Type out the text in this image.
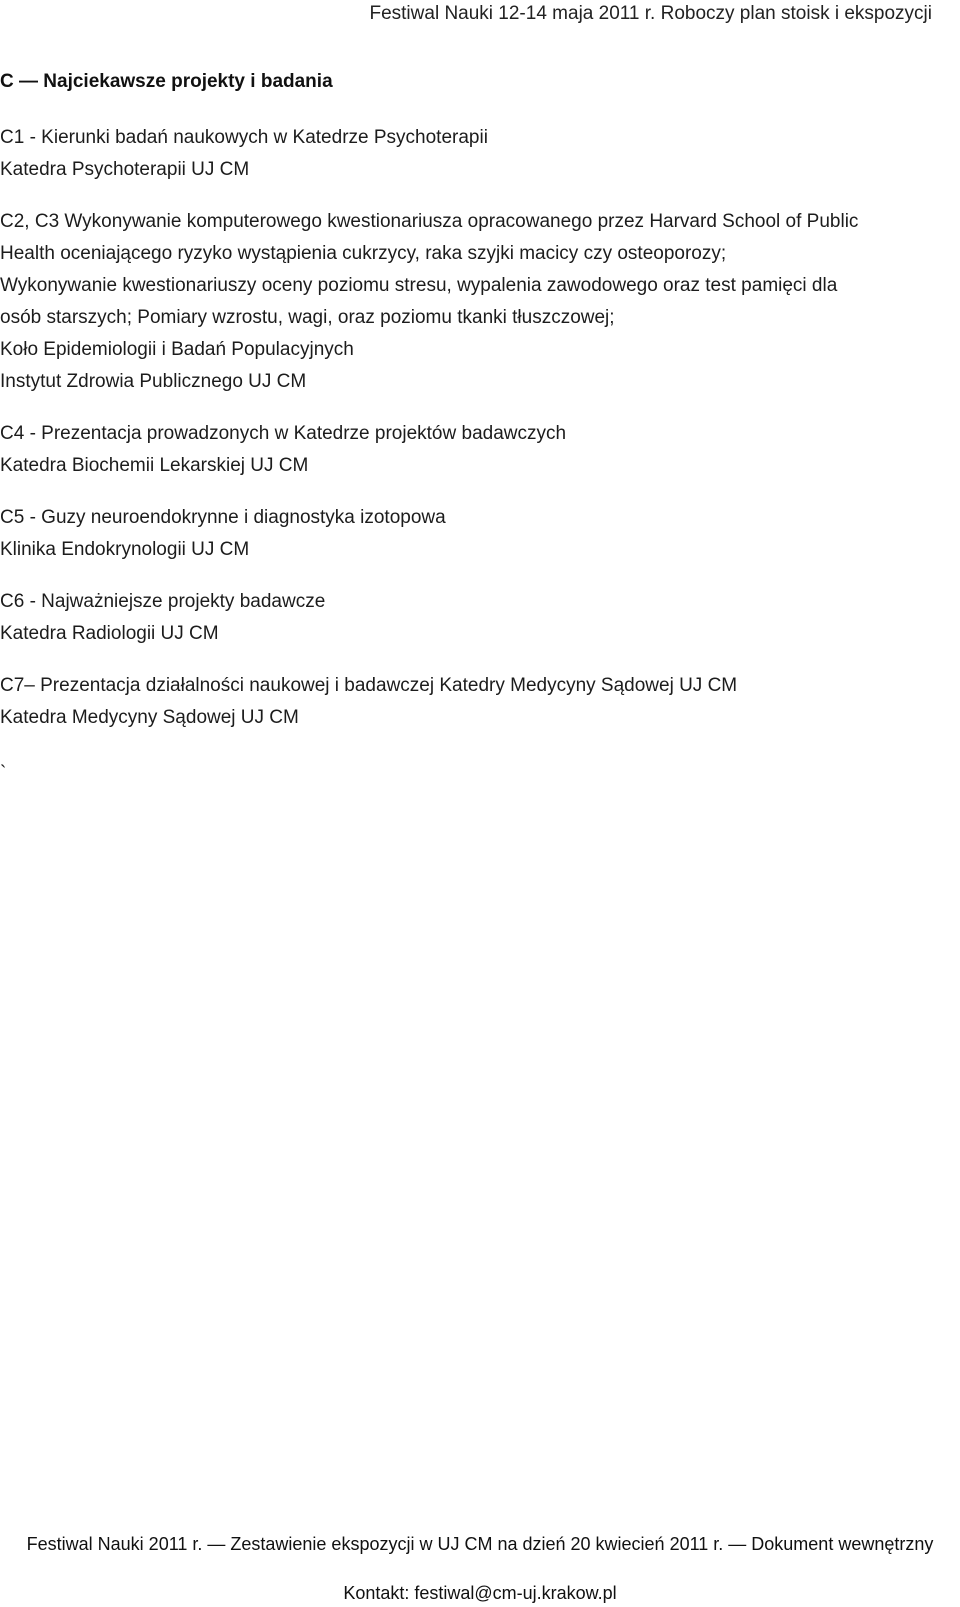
Festiwal Nauki 12-14 maja 2011 r. Roboczy plan stoisk i ekspozycji
C — Najciekawsze projekty i badania
C1 - Kierunki badań naukowych w Katedrze Psychoterapii
Katedra Psychoterapii UJ CM
C2, C3 Wykonywanie komputerowego kwestionariusza opracowanego przez Harvard School of Public
Health oceniającego ryzyko wystąpienia cukrzycy, raka szyjki macicy czy osteoporozy;
Wykonywanie kwestionariuszy oceny poziomu stresu, wypalenia zawodowego oraz test pamięci dla
osób starszych; Pomiary wzrostu, wagi, oraz poziomu tkanki tłuszczowej;
Koło Epidemiologii i Badań Populacyjnych
Instytut Zdrowia Publicznego UJ CM
C4 - Prezentacja prowadzonych w Katedrze projektów badawczych
Katedra Biochemii Lekarskiej UJ CM
C5 - Guzy neuroendokrynne i diagnostyka izotopowa
Klinika Endokrynologii UJ CM
C6 - Najważniejsze projekty badawcze
Katedra Radiologii UJ CM
C7– Prezentacja działalności naukowej i badawczej Katedry Medycyny Sądowej UJ CM
Katedra Medycyny Sądowej UJ CM
`
Festiwal Nauki 2011 r. — Zestawienie ekspozycji w UJ CM na dzień 20 kwiecień 2011 r. — Dokument wewnętrzny
Kontakt: festiwal@cm-uj.krakow.pl
